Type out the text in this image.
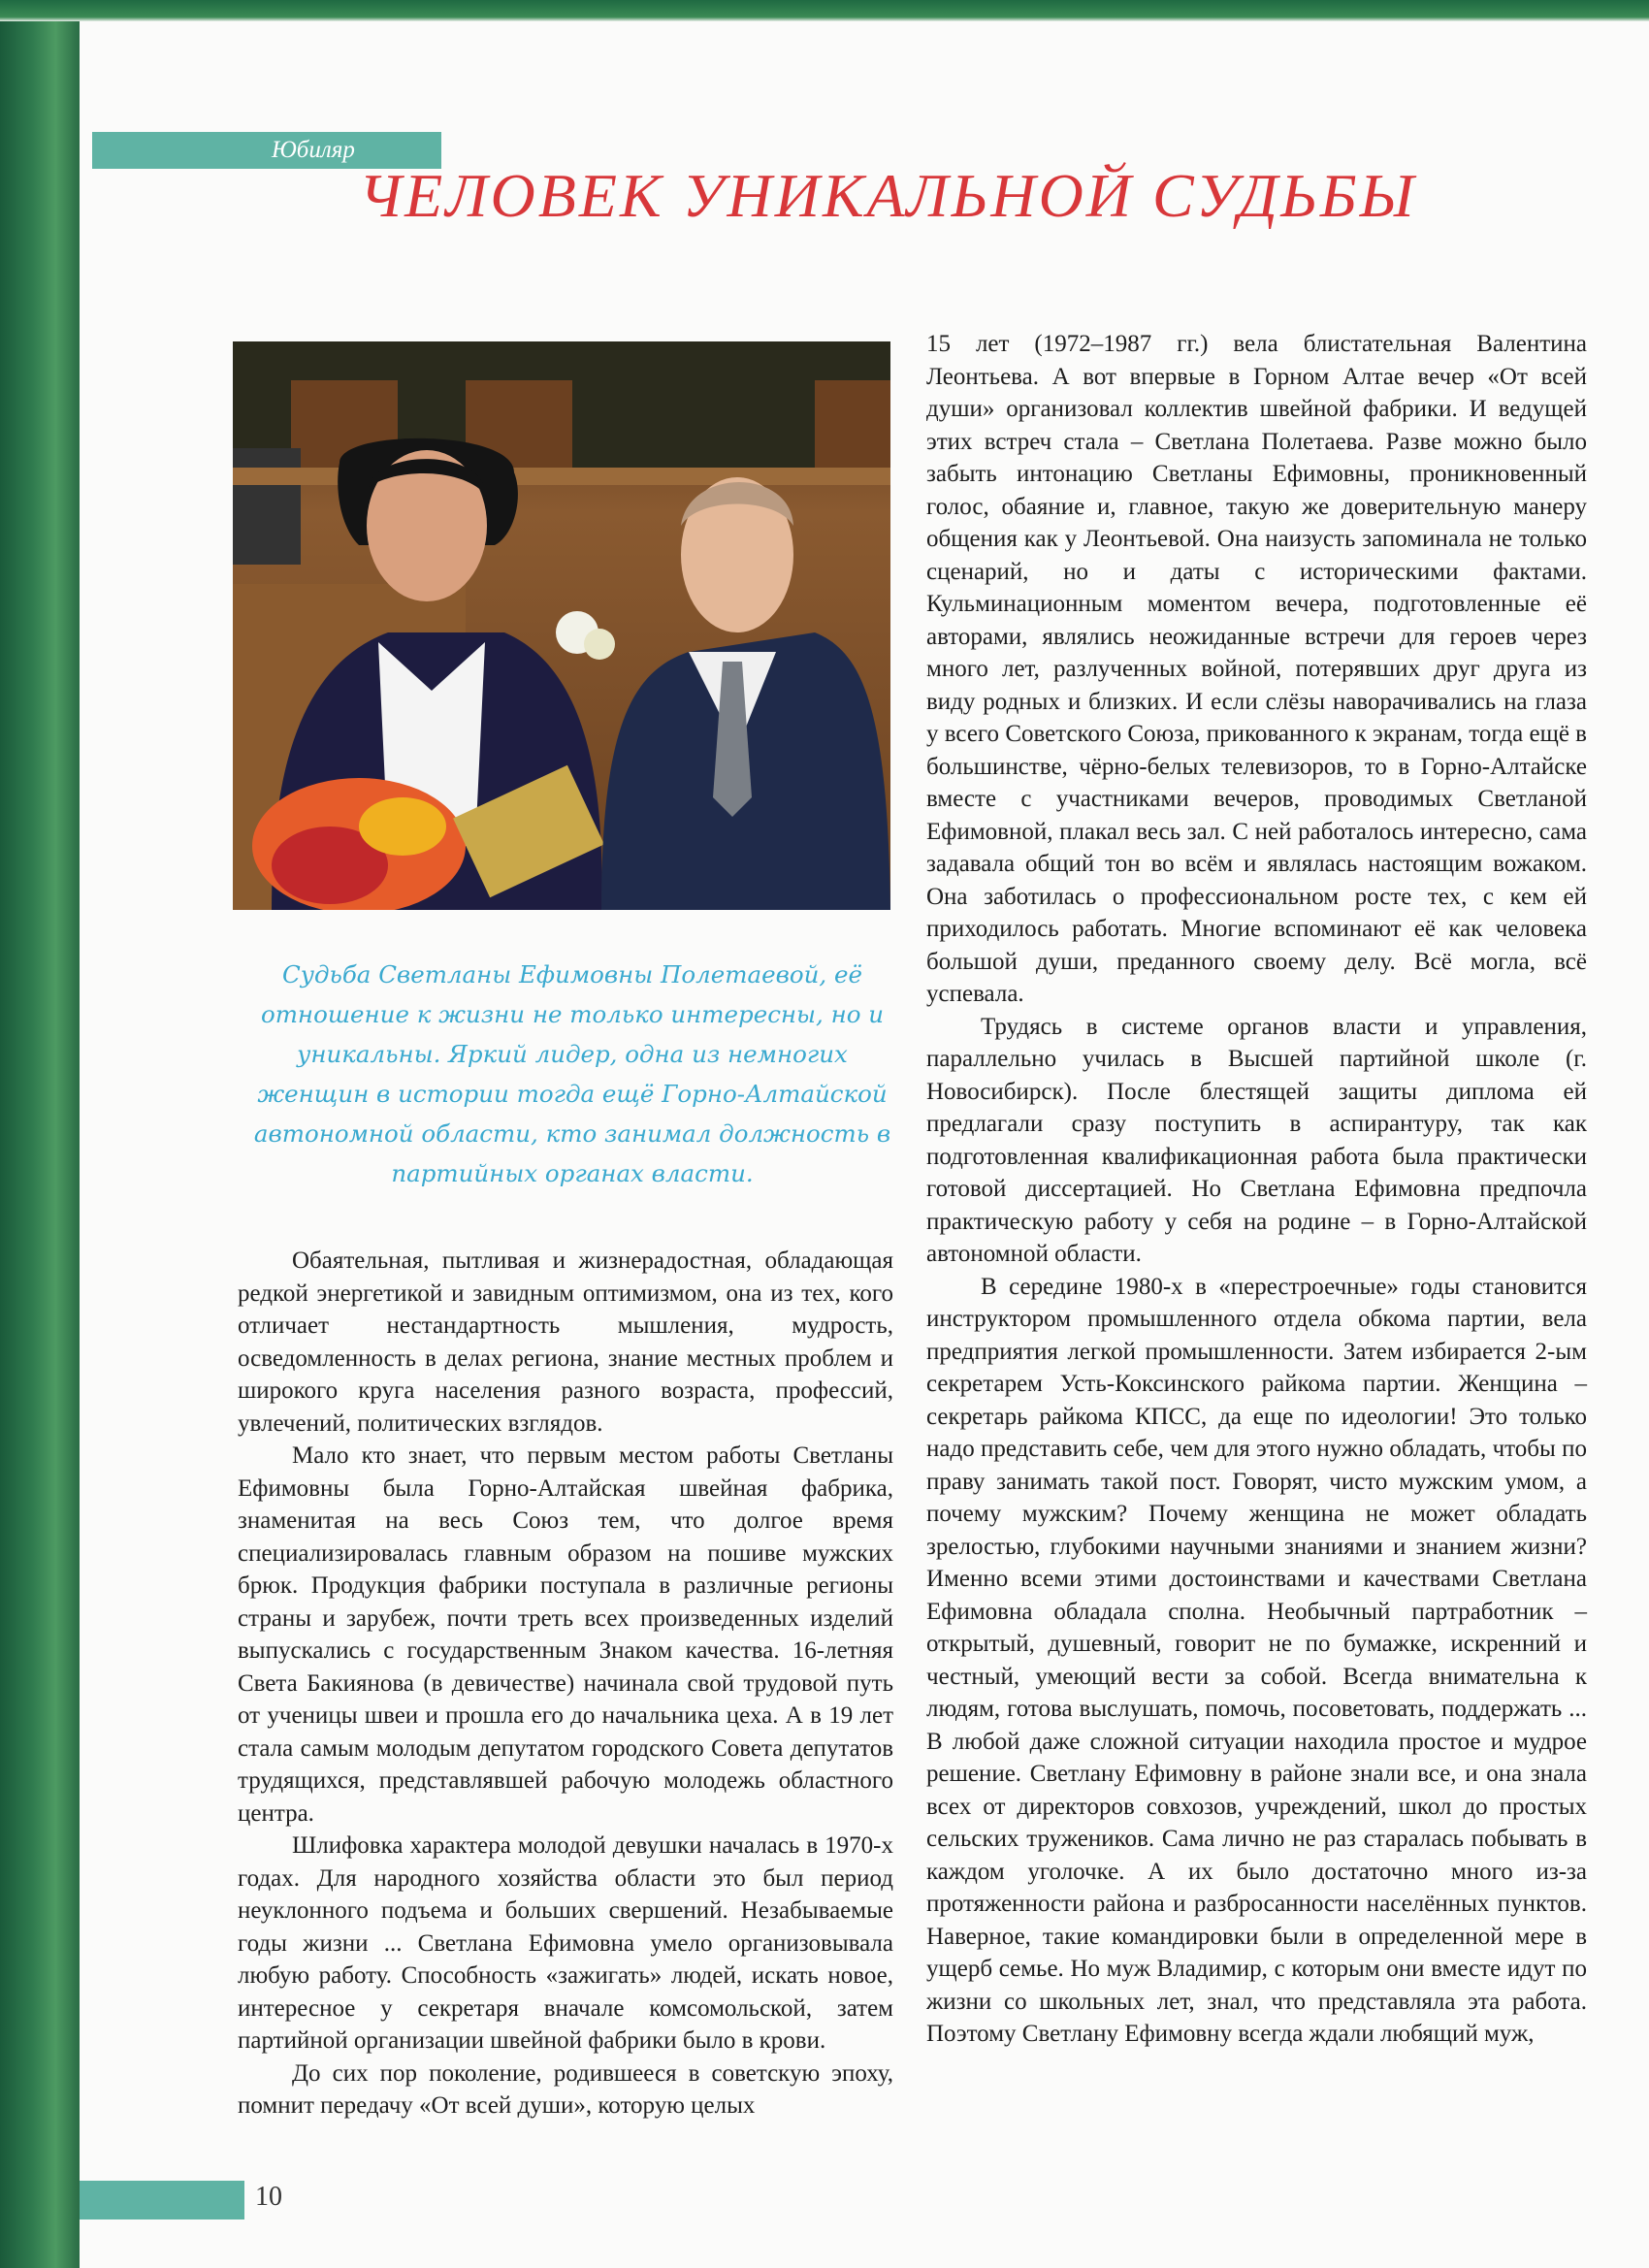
Юбиляр
ЧЕЛОВЕК УНИКАЛЬНОЙ СУДЬБЫ

Судьба Светланы Ефимовны Полетаевой, её отношение к жизни не только интересны, но и уникальны. Яркий лидер, одна из немногих женщин в истории тогда ещё Горно-Алтайской автономной области, кто занимал должность в партийных органах власти.

Обаятельная, пытливая и жизнерадостная, обладающая редкой энергетикой и завидным оптимизмом, она из тех, кого отличает нестандартность мышления, мудрость, осведомленность в делах региона, знание местных проблем и широкого круга населения разного возраста, профессий, увлечений, политических взглядов.

Мало кто знает, что первым местом работы Светланы Ефимовны была Горно-Алтайская швейная фабрика, знаменитая на весь Союз тем, что долгое время специализировалась главным образом на пошиве мужских брюк. Продукция фабрики поступала в различные регионы страны и зарубеж, почти треть всех произведенных изделий выпускались с государственным Знаком качества. 16-летняя Света Бакиянова (в девичестве) начинала свой трудовой путь от ученицы швеи и прошла его до начальника цеха. А в 19 лет стала самым молодым депутатом городского Совета депутатов трудящихся, представлявшей рабочую молодежь областного центра.

Шлифовка характера молодой девушки началась в 1970-х годах. Для народного хозяйства области это был период неуклонного подъема и больших свершений. Незабываемые годы жизни ... Светлана Ефимовна умело организовывала любую работу. Способность «зажигать» людей, искать новое, интересное у секретаря вначале комсомольской, затем партийной организации швейной фабрики было в крови.

До сих пор поколение, родившееся в советскую эпоху, помнит передачу «От всей души», которую целых

15 лет (1972–1987 гг.) вела блистательная Валентина Леонтьева. А вот впервые в Горном Алтае вечер «От всей души» организовал коллектив швейной фабрики. И ведущей этих встреч стала – Светлана Полетаева. Разве можно было забыть интонацию Светланы Ефимовны, проникновенный голос, обаяние и, главное, такую же доверительную манеру общения как у Леонтьевой. Она наизусть запоминала не только сценарий, но и даты с историческими фактами. Кульминационным моментом вечера, подготовленные её авторами, являлись неожиданные встречи для героев через много лет, разлученных войной, потерявших друг друга из виду родных и близких. И если слёзы наворачивались на глаза у всего Советского Союза, прикованного к экранам, тогда ещё в большинстве, чёрно-белых телевизоров, то в Горно-Алтайске вместе с участниками вечеров, проводимых Светланой Ефимовной, плакал весь зал. С ней работалось интересно, сама задавала общий тон во всём и являлась настоящим вожаком. Она заботилась о профессиональном росте тех, с кем ей приходилось работать. Многие вспоминают её как человека большой души, преданного своему делу. Всё могла, всё успевала.

Трудясь в системе органов власти и управления, параллельно училась в Высшей партийной школе (г. Новосибирск). После блестящей защиты диплома ей предлагали сразу поступить в аспирантуру, так как подготовленная квалификационная работа была практически готовой диссертацией. Но Светлана Ефимовна предпочла практическую работу у себя на родине – в Горно-Алтайской автономной области.

В середине 1980-х в «перестроечные» годы становится инструктором промышленного отдела обкома партии, вела предприятия легкой промышленности. Затем избирается 2-ым секретарем Усть-Коксинского райкома партии. Женщина – секретарь райкома КПСС, да еще по идеологии! Это только надо представить себе, чем для этого нужно обладать, чтобы по праву занимать такой пост. Говорят, чисто мужским умом, а почему мужским? Почему женщина не может обладать зрелостью, глубокими научными знаниями и знанием жизни? Именно всеми этими достоинствами и качествами Светлана Ефимовна обладала сполна. Необычный партработник – открытый, душевный, говорит не по бумажке, искренний и честный, умеющий вести за собой. Всегда внимательна к людям, готова выслушать, помочь, посоветовать, поддержать ... В любой даже сложной ситуации находила простое и мудрое решение. Светлану Ефимовну в районе знали все, и она знала всех от директоров совхозов, учреждений, школ до простых сельских тружеников. Сама лично не раз старалась побывать в каждом уголочке. А их было достаточно много из-за протяженности района и разбросанности населённых пунктов. Наверное, такие командировки были в определенной мере в ущерб семье. Но муж Владимир, с которым они вместе идут по жизни со школьных лет, знал, что представляла эта работа. Поэтому Светлану Ефимовну всегда ждали любящий муж,

10
